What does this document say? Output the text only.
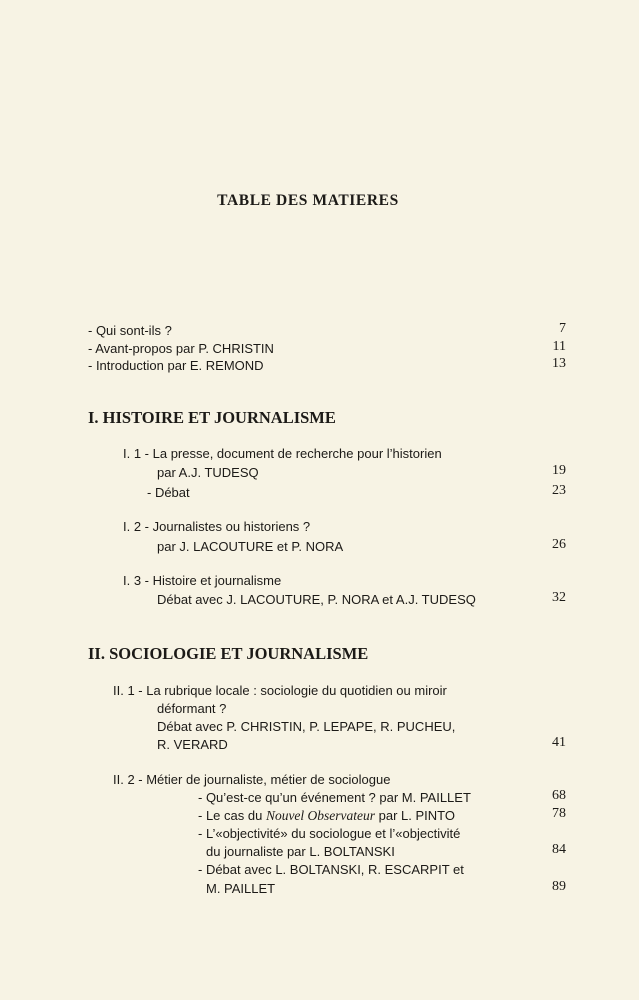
TABLE DES MATIERES
- Qui sont-ils ?	7
- Avant-propos par P. CHRISTIN	11
- Introduction par E. REMOND	13
I. HISTOIRE ET JOURNALISME
I. 1 - La presse, document de recherche pour l’historien
par A.J. TUDESQ	19
- Débat	23
I. 2 - Journalistes ou historiens ?
par J. LACOUTURE et P. NORA	26
I. 3 - Histoire et journalisme
Débat avec J. LACOUTURE, P. NORA et A.J. TUDESQ	32
II. SOCIOLOGIE ET JOURNALISME
II. 1 - La rubrique locale : sociologie du quotidien ou miroir
déformant ?
Débat avec P. CHRISTIN, P. LEPAPE, R. PUCHEU,
R. VERARD	41
II. 2 - Métier de journaliste, métier de sociologue
- Qu’est-ce qu’un événement ? par M. PAILLET	68
- Le cas du Nouvel Observateur par L. PINTO	78
- L’«objectivité» du sociologue et l’«objectivité
du journaliste par L. BOLTANSKI	84
- Débat avec L. BOLTANSKI, R. ESCARPIT et
M. PAILLET	89
